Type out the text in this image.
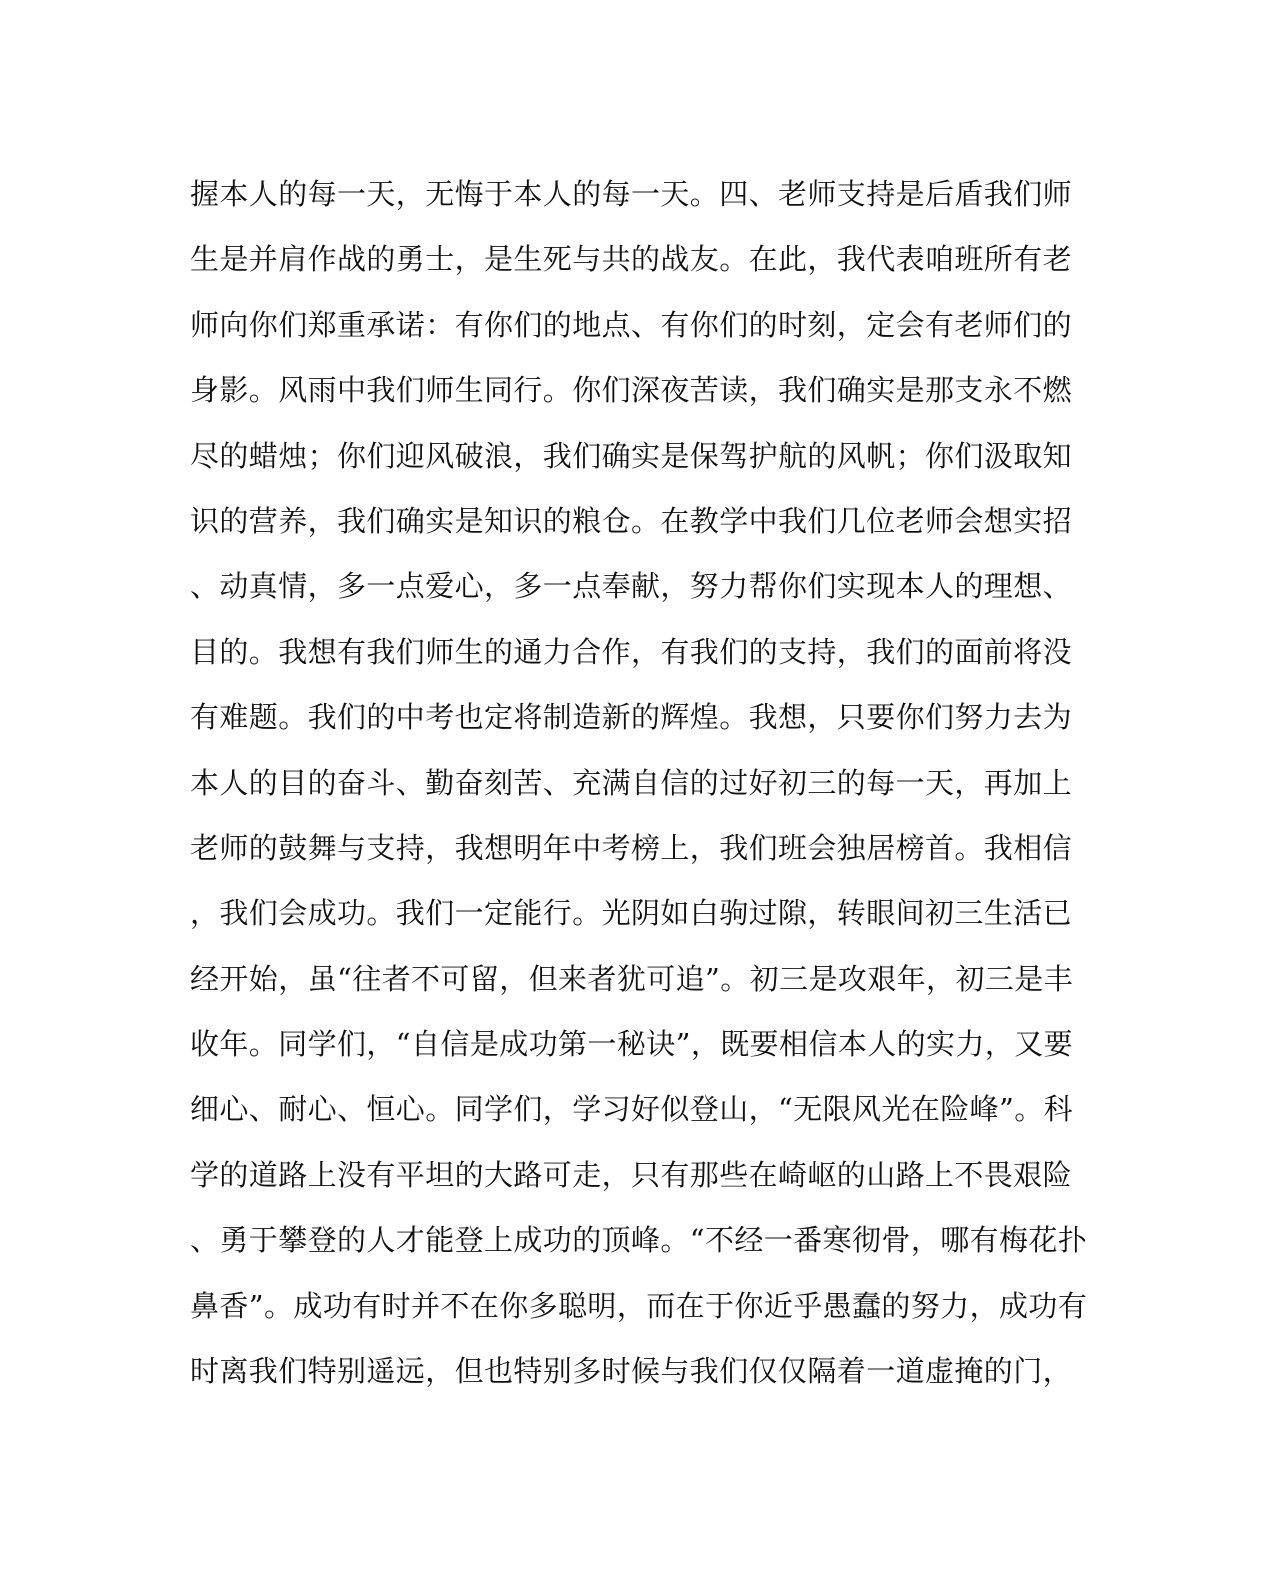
握本人的每一天，无悔于本人的每一天。四、老师支持是后盾我们师
生是并肩作战的勇士，是生死与共的战友。在此，我代表咱班所有老
师向你们郑重承诺：有你们的地点、有你们的时刻，定会有老师们的
身影。风雨中我们师生同行。你们深夜苦读，我们确实是那支永不燃
尽的蜡烛；你们迎风破浪，我们确实是保驾护航的风帆；你们汲取知
识的营养，我们确实是知识的粮仓。在教学中我们几位老师会想实招
、动真情，多一点爱心，多一点奉献，努力帮你们实现本人的理想、
目的。我想有我们师生的通力合作，有我们的支持，我们的面前将没
有难题。我们的中考也定将制造新的辉煌。我想，只要你们努力去为
本人的目的奋斗、勤奋刻苦、充满自信的过好初三的每一天，再加上
老师的鼓舞与支持，我想明年中考榜上，我们班会独居榜首。我相信
，我们会成功。我们一定能行。光阴如白驹过隙，转眼间初三生活已
经开始，虽“往者不可留，但来者犹可追”。初三是攻艰年，初三是丰
收年。同学们，“自信是成功第一秘诀”，既要相信本人的实力，又要
细心、耐心、恒心。同学们，学习好似登山，“无限风光在险峰”。科
学的道路上没有平坦的大路可走，只有那些在崎岖的山路上不畏艰险
、勇于攀登的人才能登上成功的顶峰。“不经一番寒彻骨，哪有梅花扑
鼻香”。成功有时并不在你多聪明，而在于你近乎愚蠢的努力，成功有
时离我们特别遥远，但也特别多时候与我们仅仅隔着一道虚掩的门，
